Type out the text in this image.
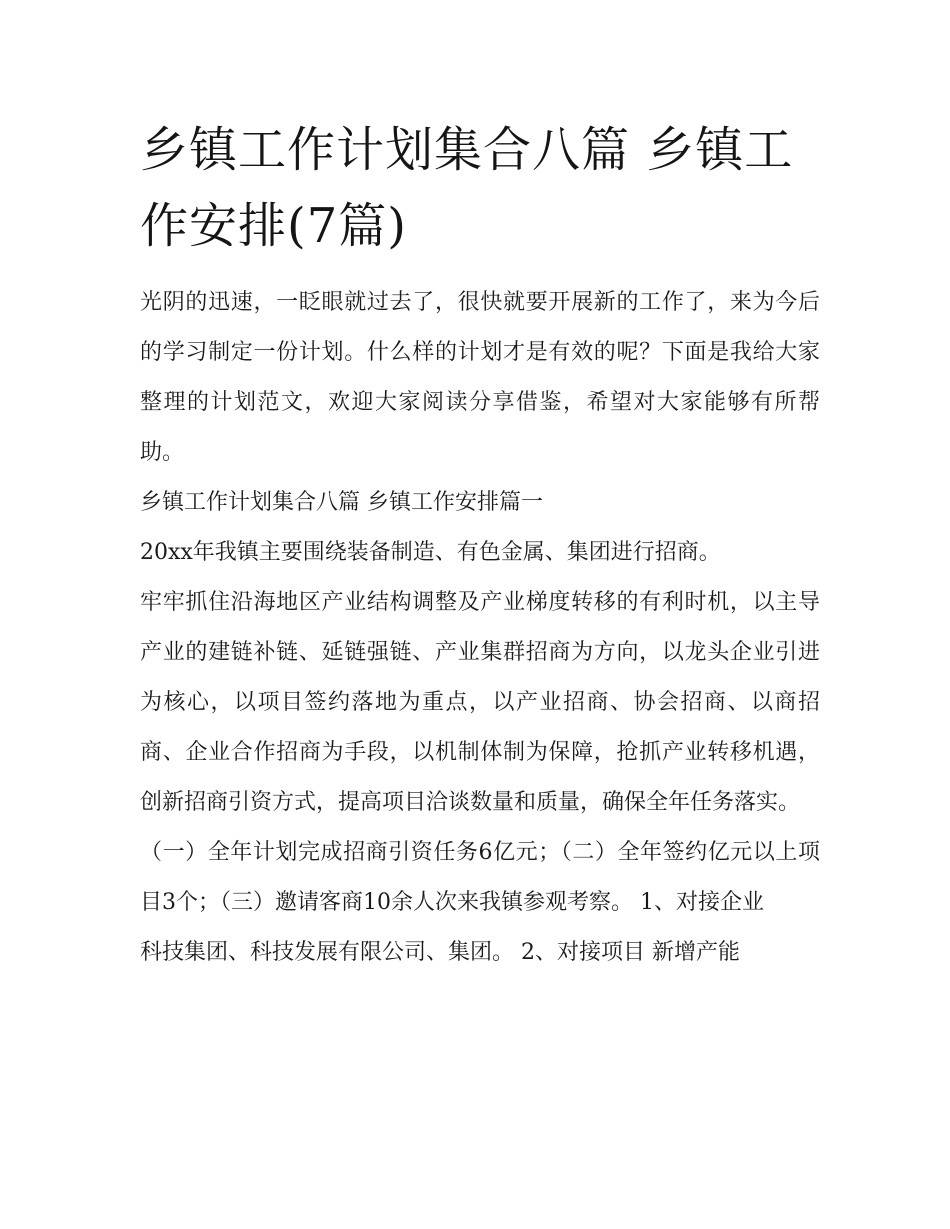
乡镇工作计划集合八篇 乡镇工作安排(7篇)

光阴的迅速，一眨眼就过去了，很快就要开展新的工作了，来为今后的学习制定一份计划。什么样的计划才是有效的呢？下面是我给大家整理的计划范文，欢迎大家阅读分享借鉴，希望对大家能够有所帮助。

乡镇工作计划集合八篇 乡镇工作安排篇一

20xx年我镇主要围绕装备制造、有色金属、集团进行招商。

牢牢抓住沿海地区产业结构调整及产业梯度转移的有利时机，以主导产业的建链补链、延链强链、产业集群招商为方向，以龙头企业引进为核心，以项目签约落地为重点，以产业招商、协会招商、以商招商、企业合作招商为手段，以机制体制为保障，抢抓产业转移机遇，创新招商引资方式，提高项目洽谈数量和质量，确保全年任务落实。

（一）全年计划完成招商引资任务6亿元；（二）全年签约亿元以上项目3个；（三）邀请客商10余人次来我镇参观考察。 1、对接企业

科技集团、科技发展有限公司、集团。 2、对接项目 新增产能
